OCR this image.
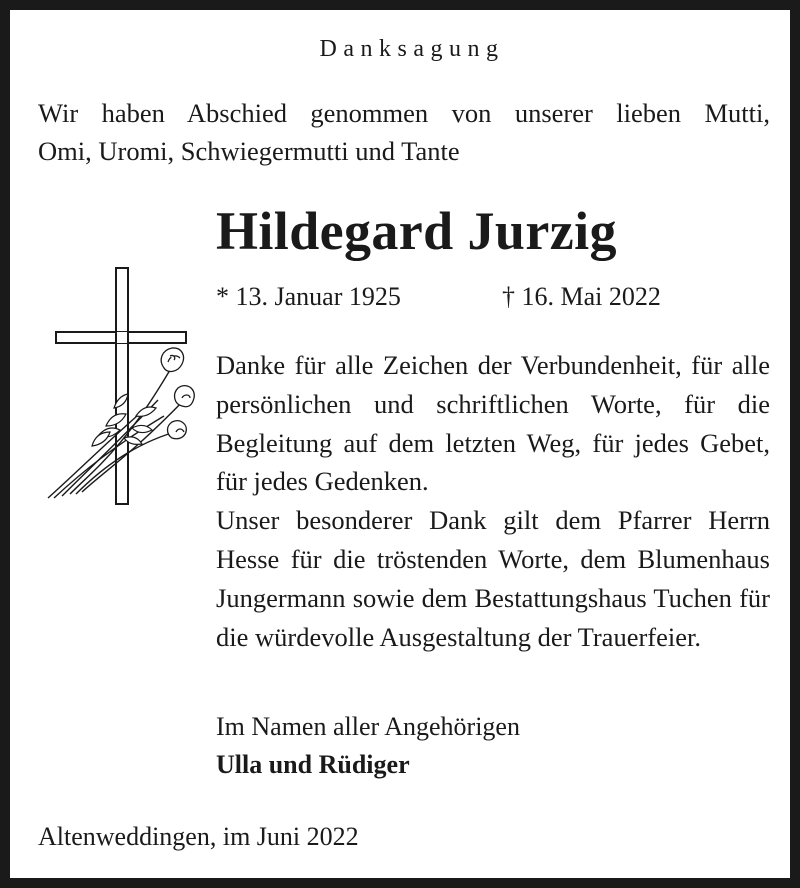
Danksagung

Wir haben Abschied genommen von unserer lieben Mutti,

Omi, Uromi, Schwiegermutti und Tante

Hildegard Jurzig
* 13. Januar 1925	† 16. Mai 2022

Danke für alle Zeichen der Verbundenheit, für alle persönlichen und schriftlichen Worte, für die Begleitung auf dem letzten Weg, für jedes Gebet, für jedes Gedenken.

Unser besonderer Dank gilt dem Pfarrer Herrn Hesse für die tröstenden Worte, dem Blumenhaus Jungermann sowie dem Bestattungshaus Tuchen für die würdevolle Ausgestaltung der Trauerfeier.

Im Namen aller Angehörigen
Ulla und Rüdiger
Altenweddingen, im Juni 2022
